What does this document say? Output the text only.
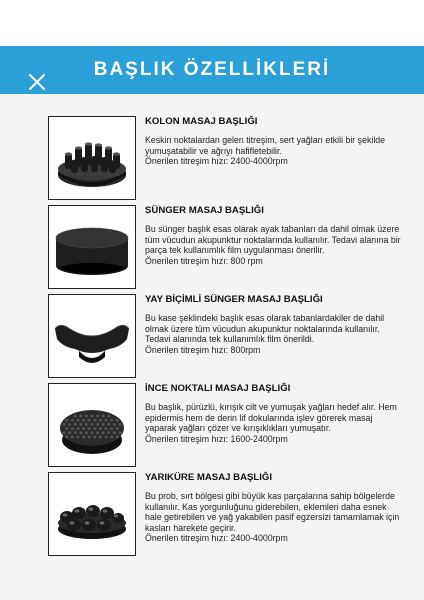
BAŞLIK ÖZELLİKLERİ
KOLON MASAJ BAŞLIĞI
Keskin noktalardan gelen titreşim, sert yağları etkili bir şekilde yumuşatabilir ve ağrıyı hafifletebilir.
Önerilen titreşim hızı: 2400-4000rpm
SÜNGER MASAJ BAŞLIĞI
Bu sünger başlık esas olarak ayak tabanları da dahil olmak üzere tüm vücudun akupunktur noktalarında kullanılır. Tedavi alanına bir parça tek kullanımlık film uygulanması önerilir.
Önerilen titreşim hızı: 800 rpm
YAY BİÇİMLİ SÜNGER MASAJ BAŞLIĞI
Bu kase şeklindeki başlık esas olarak tabanlardakiler de dahil olmak üzere tüm vücudun akupunktur noktalarında kullanılır. Tedavi alanında tek kullanımlık film önerildi.
Önerilen titreşim hızı: 800rpm
İNCE NOKTALI MASAJ BAŞLIĞI
Bu başlık, pürüzlü, kırışık cilt ve yumuşak yağları hedef alır. Hem epidermis hem de derin lif dokularında işlev görerek masaj yaparak yağları çözer ve kırışıklıkları yumuşatır.
Önerilen titreşim hızı: 1600-2400rpm
YARIKÜRE MASAJ BAŞLIĞI
Bu prob, sırt bölgesi gibi büyük kas parçalarına sahip bölgelerde kullanılır. Kas yorgunluğunu giderebilen, eklemleri daha esnek hale getirebilen ve yağ yakabilen pasif egzersizi tamamlamak için kasları harekete geçirir.
Önerilen titreşim hızı: 2400-4000rpm
